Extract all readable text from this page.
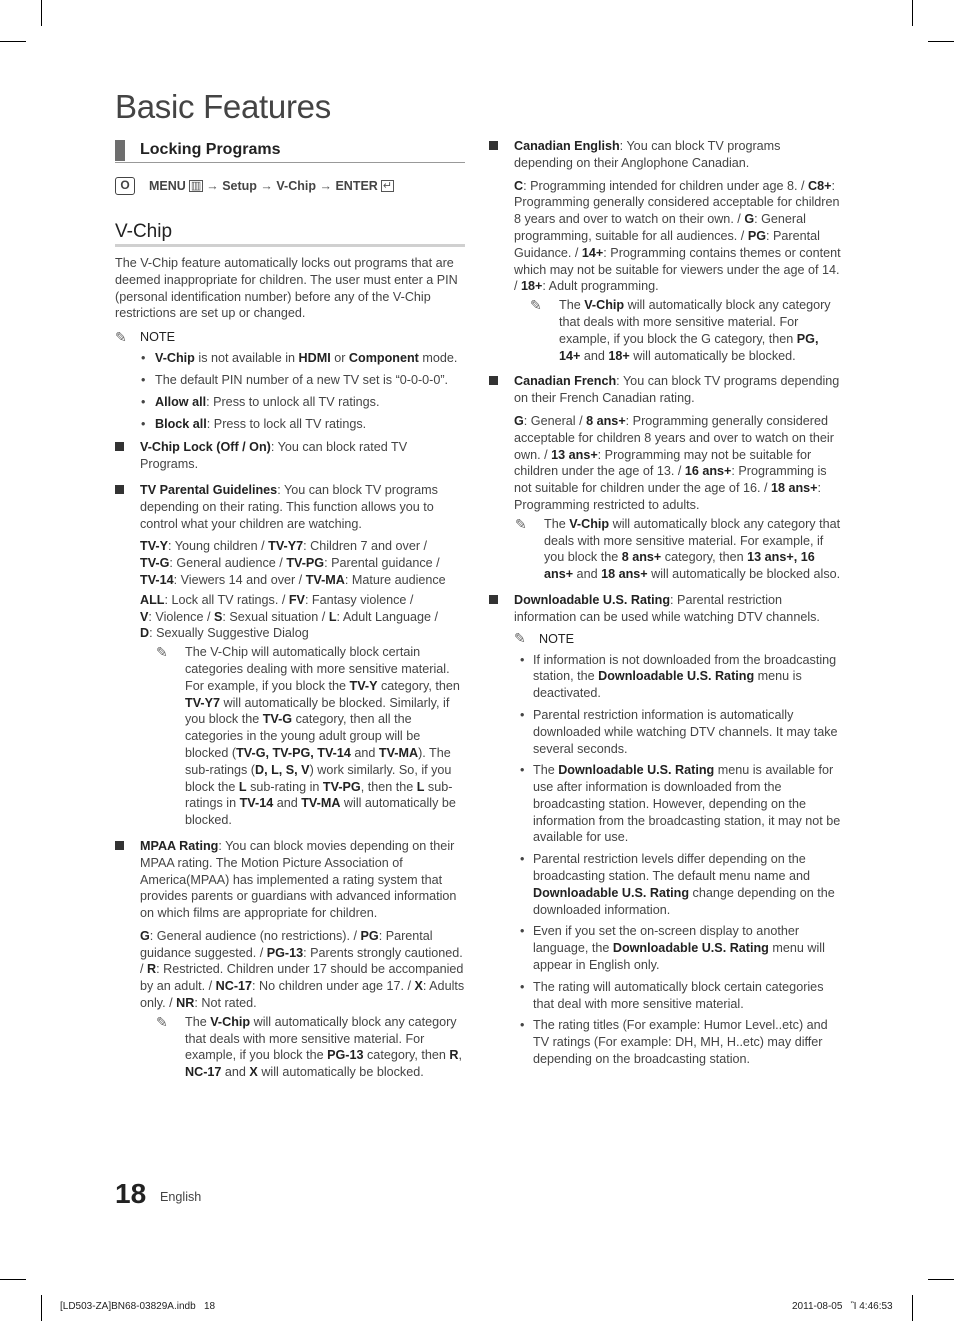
Basic Features
Locking Programs
O	MENU ▥ →
Setup
→
V-Chip
→
ENTER ↵
V-Chip

The V-Chip feature automatically locks out programs that are deemed inappropriate for children. The user must enter a PIN (personal identification number) before any of the V-Chip restrictions are set up or changed.

✎	NOTE
• V-Chip is not available in HDMI or Component mode.
• The default PIN number of a new TV set is “0-0-0-0”.
• Allow all: Press to unlock all TV ratings.
• Block all: Press to lock all TV ratings.

V-Chip Lock (Off / On): You can block rated TV Programs.

TV Parental Guidelines: You can block TV programs depending on their rating. This function allows you to control what your children are watching.

TV-Y: Young children / TV-Y7: Children 7 and over /
TV-G: General audience / TV-PG: Parental guidance /
TV-14: Viewers 14 and over / TV-MA: Mature audience

ALL: Lock all TV ratings. / FV: Fantasy violence /
V: Violence / S: Sexual situation / L: Adult Language /
D: Sexually Suggestive Dialog

✎	The V-Chip will automatically block certain categories dealing with more sensitive material. For example, if you block the TV-Y category, then TV-Y7 will automatically be blocked. Similarly, if you block the TV-G category, then all the categories in the young adult group will be blocked (TV-G, TV-PG, TV-14 and TV-MA). The sub-ratings (D, L, S, V) work similarly. So, if you block the L sub-rating in TV-PG, then the L sub-ratings in TV-14 and TV-MA will automatically be blocked.

MPAA Rating: You can block movies depending on their MPAA rating. The Motion Picture Association of America(MPAA) has implemented a rating system that provides parents or guardians with advanced information on which films are appropriate for children.

G: General audience (no restrictions). / PG: Parental guidance suggested. / PG-13: Parents strongly cautioned. / R: Restricted. Children under 17 should be accompanied by an adult. / NC-17: No children under age 17. / X: Adults only. / NR: Not rated.

✎	The V-Chip will automatically block any category that deals with more sensitive material. For example, if you block the PG-13 category, then R, NC-17 and X will automatically be blocked.

Canadian English: You can block TV programs depending on their Anglophone Canadian.

C: Programming intended for children under age 8. / C8+: Programming generally considered acceptable for children 8 years and over to watch on their own. / G: General programming, suitable for all audiences. / PG: Parental Guidance. / 14+: Programming contains themes or content which may not be suitable for viewers under the age of 14. / 18+: Adult programming.

✎	The V-Chip will automatically block any category that deals with more sensitive material. For example, if you block the G category, then PG, 14+ and 18+ will automatically be blocked.

Canadian French: You can block TV programs depending on their French Canadian rating.

G: General / 8 ans+: Programming generally considered acceptable for children 8 years and over to watch on their own. / 13 ans+: Programming may not be suitable for children under the age of 13. / 16 ans+: Programming is not suitable for children under the age of 16. / 18 ans+: Programming restricted to adults.

✎	The V-Chip will automatically block any category that deals with more sensitive material. For example, if you block the 8 ans+ category, then 13 ans+, 16 ans+ and 18 ans+ will automatically be blocked also.

Downloadable U.S. Rating: Parental restriction information can be used while watching DTV channels.

✎	NOTE
• If information is not downloaded from the broadcasting station, the Downloadable U.S. Rating menu is deactivated.
• Parental restriction information is automatically downloaded while watching DTV channels. It may take several seconds.
• The Downloadable U.S. Rating menu is available for use after information is downloaded from the broadcasting station. However, depending on the information from the broadcasting station, it may not be available for use.
• Parental restriction levels differ depending on the broadcasting station. The default menu name and Downloadable U.S. Rating change depending on the downloaded information.
• Even if you set the on-screen display to another language, the Downloadable U.S. Rating menu will appear in English only.
• The rating will automatically block certain categories that deal with more sensitive material.
• The rating titles (For example: Humor Level..etc) and TV ratings (For example: DH, MH, H..etc) may differ depending on the broadcasting station.
18 English
[LD503-ZA]BN68-03829A.indb   18	2011-08-05   Ἲ 4:46:53
